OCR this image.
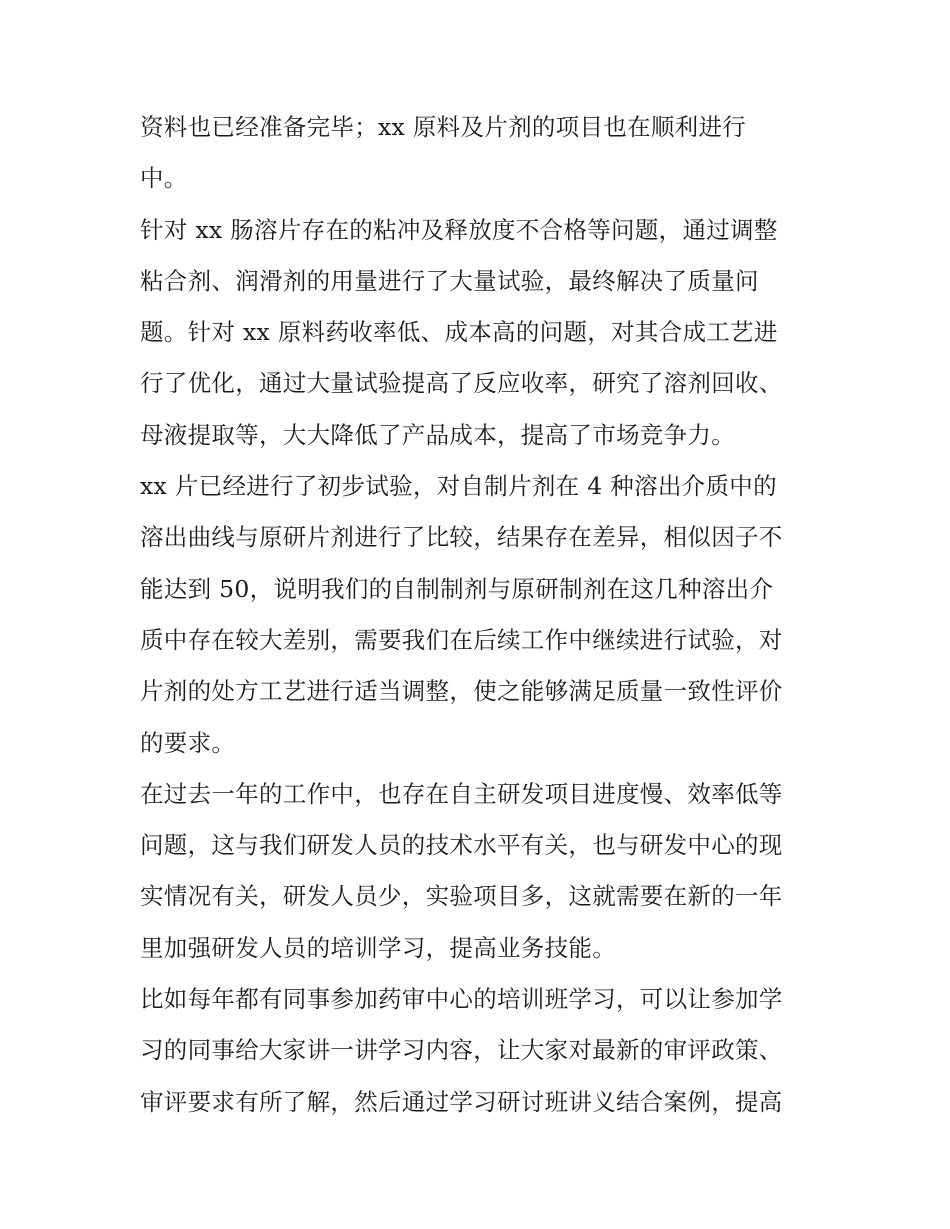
资料也已经准备完毕；xx 原料及片剂的项目也在顺利进行
中。
针对 xx 肠溶片存在的粘冲及释放度不合格等问题，通过调整
粘合剂、润滑剂的用量进行了大量试验，最终解决了质量问
题。针对 xx 原料药收率低、成本高的问题，对其合成工艺进
行了优化，通过大量试验提高了反应收率，研究了溶剂回收、
母液提取等，大大降低了产品成本，提高了市场竞争力。
xx 片已经进行了初步试验，对自制片剂在 4 种溶出介质中的
溶出曲线与原研片剂进行了比较，结果存在差异，相似因子不
能达到 50，说明我们的自制制剂与原研制剂在这几种溶出介
质中存在较大差别，需要我们在后续工作中继续进行试验，对
片剂的处方工艺进行适当调整，使之能够满足质量一致性评价
的要求。
在过去一年的工作中，也存在自主研发项目进度慢、效率低等
问题，这与我们研发人员的技术水平有关，也与研发中心的现
实情况有关，研发人员少，实验项目多，这就需要在新的一年
里加强研发人员的培训学习，提高业务技能。
比如每年都有同事参加药审中心的培训班学习，可以让参加学
习的同事给大家讲一讲学习内容，让大家对最新的审评政策、
审评要求有所了解，然后通过学习研讨班讲义结合案例，提高
